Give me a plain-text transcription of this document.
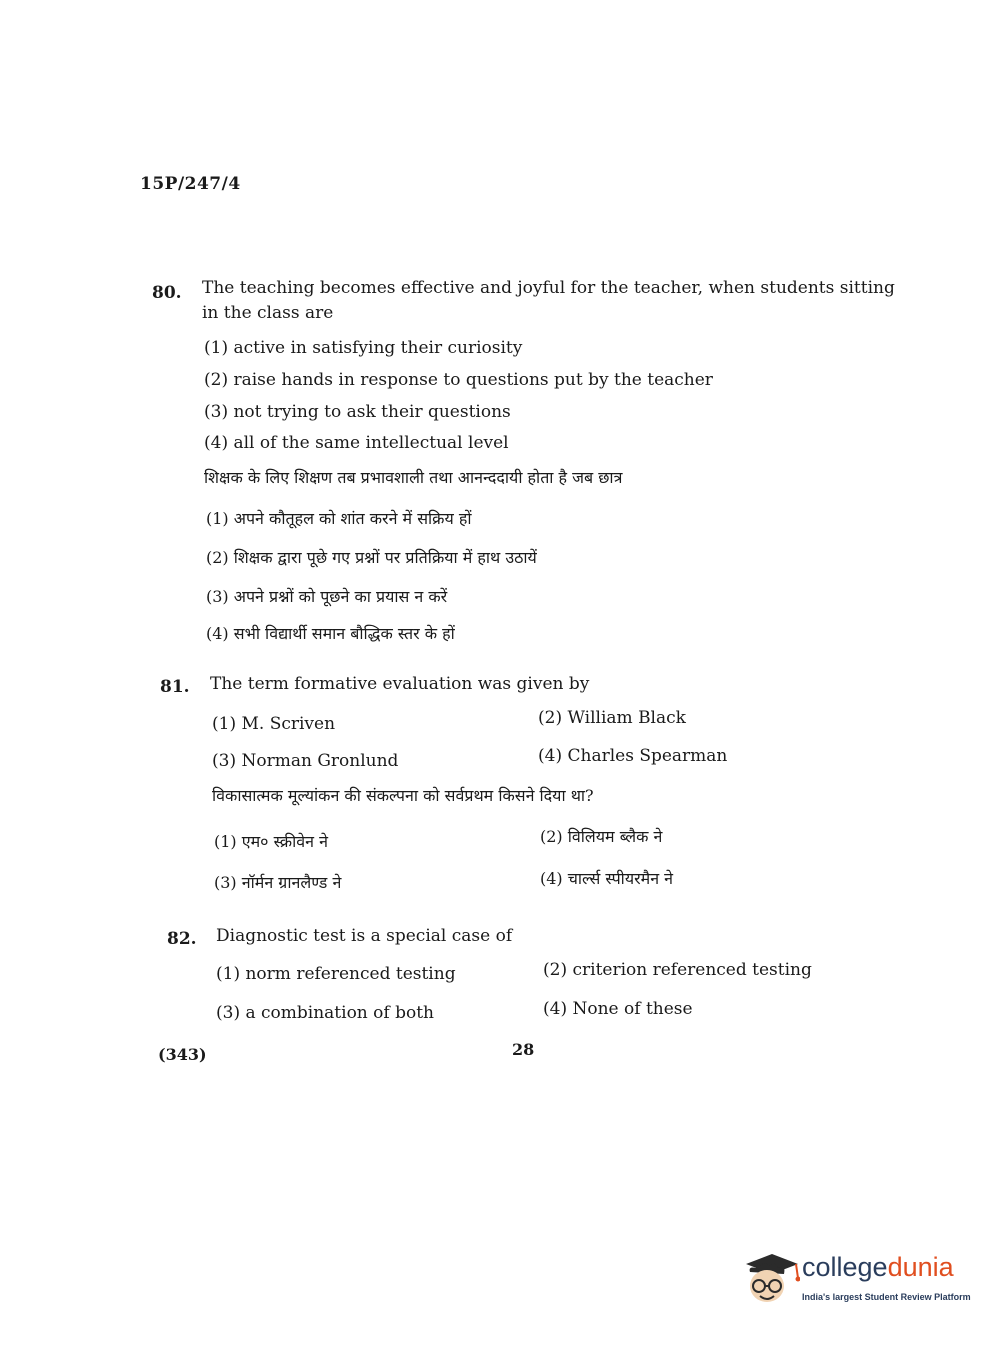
15P/247/4
80. The teaching becomes effective and joyful for the teacher, when students sitting
in the class are
(1) active in satisfying their curiosity
(2) raise hands in response to questions put by the teacher
(3) not trying to ask their questions
(4) all of the same intellectual level
शिक्षक के लिए शिक्षण तब प्रभावशाली तथा आनन्ददायी होता है जब छात्र
(1) अपने कौतूहल को शांत करने में सक्रिय हों
(2) शिक्षक द्वारा पूछे गए प्रश्नों पर प्रतिक्रिया में हाथ उठायें
(3) अपने प्रश्नों को पूछने का प्रयास न करें
(4) सभी विद्यार्थी समान बौद्धिक स्तर के हों
81. The term formative evaluation was given by
(1) M. Scriven	(2) William Black
(3) Norman Gronlund	(4) Charles Spearman
विकासात्मक मूल्यांकन की संकल्पना को सर्वप्रथम किसने दिया था?
(1) एम० स्क्रीवेन ने	(2) विलियम ब्लैक ने
(3) नॉर्मन ग्रानलैण्ड ने	(4) चार्ल्स स्पीयरमैन ने
82. Diagnostic test is a special case of
(1) norm referenced testing	(2) criterion referenced testing
(3) a combination of both	(4) None of these
(343)	28
collegedunia
India's largest Student Review Platform
